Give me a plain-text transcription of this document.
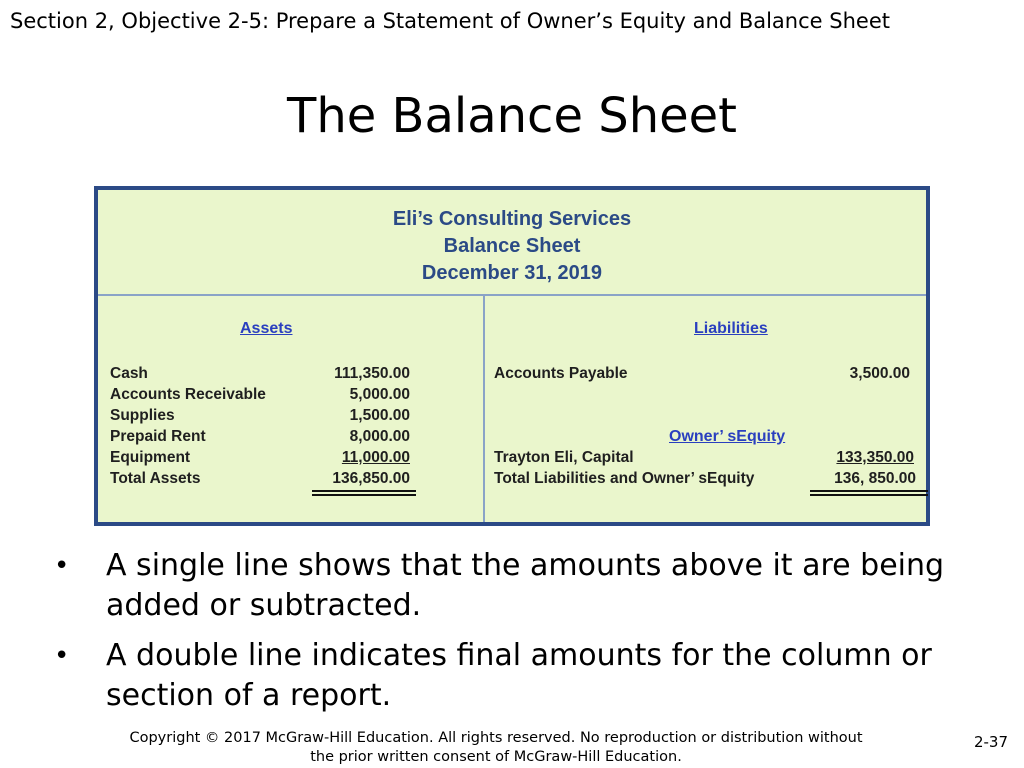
Section 2, Objective 2-5: Prepare a Statement of Owner’s Equity and Balance Sheet
The Balance Sheet
Eli’s Consulting Services
Balance Sheet
December 31, 2019
Assets	Liabilities
Cash	111,350.00
Accounts Receivable	5,000.00
Supplies	1,500.00
Prepaid Rent	8,000.00
Equipment	11,000.00
Total Assets	136,850.00
Accounts Payable	3,500.00
Owner’ sEquity
Trayton Eli, Capital	133,350.00
Total Liabilities and Owner’ sEquity	136, 850.00
• A single line shows that the amounts above it are being added or subtracted.
• A double line indicates final amounts for the column or section of a report.
Copyright © 2017 McGraw-Hill Education. All rights reserved. No reproduction or distribution without
the prior written consent of McGraw-Hill Education.
2-37
